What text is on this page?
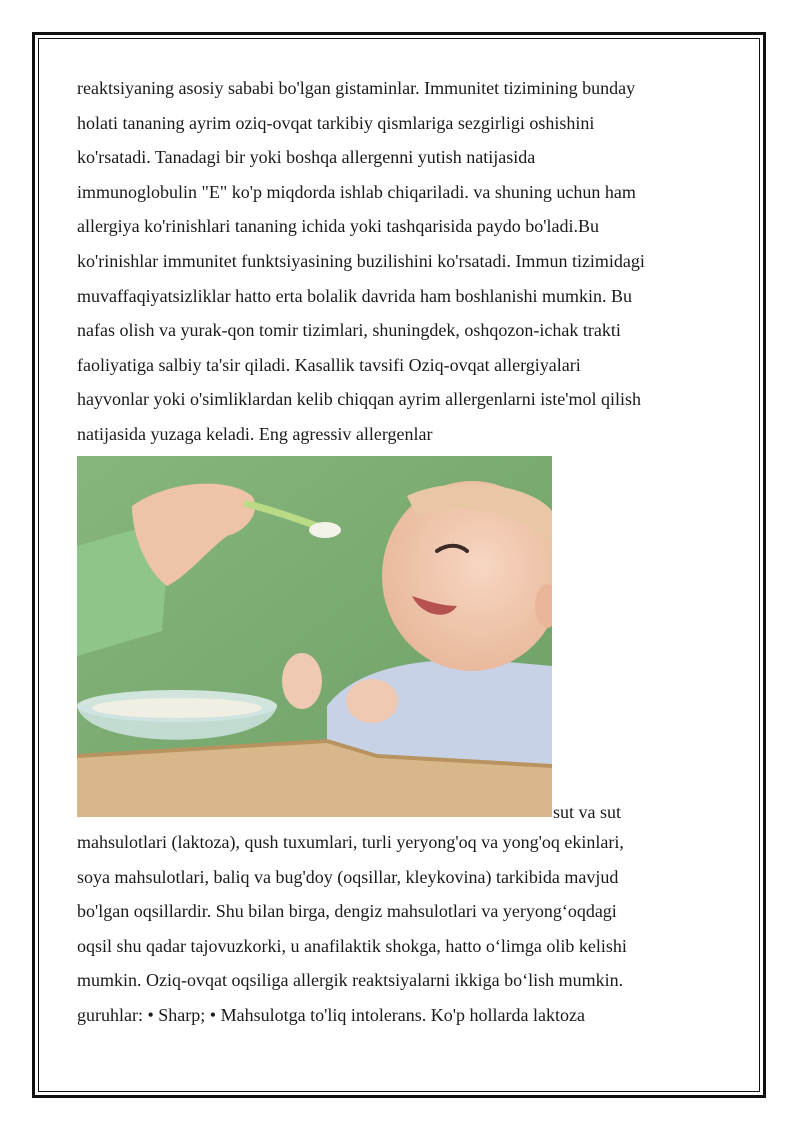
reaktsiyaning asosiy sababi bo'lgan gistaminlar. Immunitet tizimining bunday
holati tananing ayrim oziq-ovqat tarkibiy qismlariga sezgirligi oshishini
ko'rsatadi. Tanadagi bir yoki boshqa allergenni yutish natijasida
immunoglobulin "E" ko'p miqdorda ishlab chiqariladi. va shuning uchun ham
allergiya ko'rinishlari tananing ichida yoki tashqarisida paydo bo'ladi.Bu
ko'rinishlar immunitet funktsiyasining buzilishini ko'rsatadi. Immun tizimidagi
muvaffaqiyatsizliklar hatto erta bolalik davrida ham boshlanishi mumkin. Bu
nafas olish va yurak-qon tomir tizimlari, shuningdek, oshqozon-ichak trakti
faoliyatiga salbiy ta'sir qiladi. Kasallik tavsifi Oziq-ovqat allergiyalari
hayvonlar yoki o'simliklardan kelib chiqqan ayrim allergenlarni iste'mol qilish
natijasida yuzaga keladi. Eng agressiv allergenlar
sut va sut
mahsulotlari (laktoza), qush tuxumlari, turli yeryong'oq va yong'oq ekinlari,
soya mahsulotlari, baliq va bug'doy (oqsillar, kleykovina) tarkibida mavjud
bo'lgan oqsillardir. Shu bilan birga, dengiz mahsulotlari va yeryong‘oqdagi
oqsil shu qadar tajovuzkorki, u anafilaktik shokga, hatto o‘limga olib kelishi
mumkin. Oziq-ovqat oqsiliga allergik reaktsiyalarni ikkiga bo‘lish mumkin.
guruhlar: • Sharp; • Mahsulotga to'liq intolerans. Ko'p hollarda laktoza
